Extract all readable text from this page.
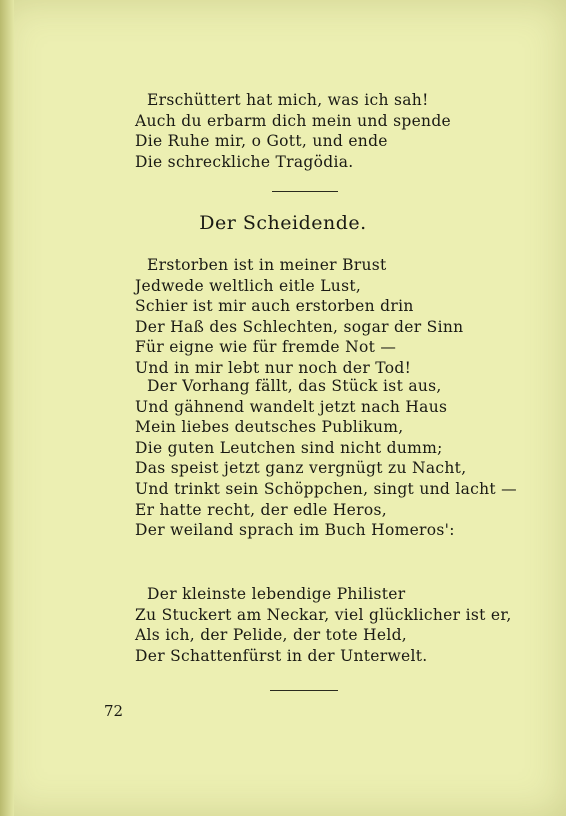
Erschüttert hat mich, was ich sah!
Auch du erbarm dich mein und spende
Die Ruhe mir, o Gott, und ende
Die schreckliche Tragödia.
Der Scheidende.
Erstorben ist in meiner Brust
Jedwede weltlich eitle Lust,
Schier ist mir auch erstorben drin
Der Haß des Schlechten, sogar der Sinn
Für eigne wie für fremde Not —
Und in mir lebt nur noch der Tod!
Der Vorhang fällt, das Stück ist aus,
Und gähnend wandelt jetzt nach Haus
Mein liebes deutsches Publikum,
Die guten Leutchen sind nicht dumm;
Das speist jetzt ganz vergnügt zu Nacht,
Und trinkt sein Schöppchen, singt und lacht —
Er hatte recht, der edle Heros,
Der weiland sprach im Buch Homeros':
Der kleinste lebendige Philister
Zu Stuckert am Neckar, viel glücklicher ist er,
Als ich, der Pelide, der tote Held,
Der Schattenfürst in der Unterwelt.
72
